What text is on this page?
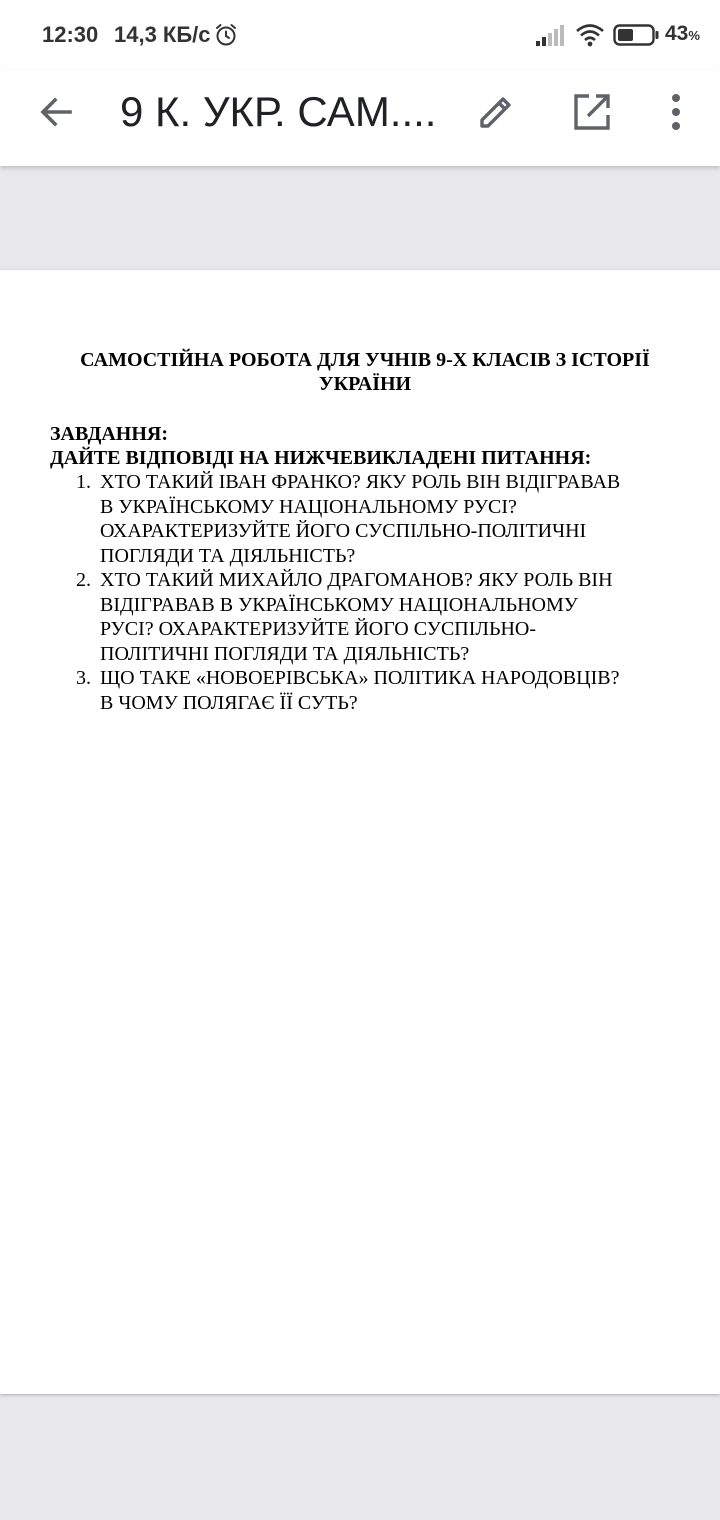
12:30 14,3 КБ/с	43%
9 К. УКР. САМ....
САМОСТІЙНА РОБОТА ДЛЯ УЧНІВ 9-Х КЛАСІВ З ІСТОРІЇ
УКРАЇНИ
ЗАВДАННЯ:
ДАЙТЕ ВІДПОВІДІ НА НИЖЧЕВИКЛАДЕНІ ПИТАННЯ:
1. ХТО ТАКИЙ ІВАН ФРАНКО? ЯКУ РОЛЬ ВІН ВІДІГРАВАВ
В УКРАЇНСЬКОМУ НАЦІОНАЛЬНОМУ РУСІ?
ОХАРАКТЕРИЗУЙТЕ ЙОГО СУСПІЛЬНО-ПОЛІТИЧНІ
ПОГЛЯДИ ТА ДІЯЛЬНІСТЬ?
2. ХТО ТАКИЙ МИХАЙЛО ДРАГОМАНОВ? ЯКУ РОЛЬ ВІН
ВІДІГРАВАВ В УКРАЇНСЬКОМУ НАЦІОНАЛЬНОМУ
РУСІ? ОХАРАКТЕРИЗУЙТЕ ЙОГО СУСПІЛЬНО-
ПОЛІТИЧНІ ПОГЛЯДИ ТА ДІЯЛЬНІСТЬ?
3. ЩО ТАКЕ «НОВОЕРІВСЬКА» ПОЛІТИКА НАРОДОВЦІВ?
В ЧОМУ ПОЛЯГАЄ ЇЇ СУТЬ?
